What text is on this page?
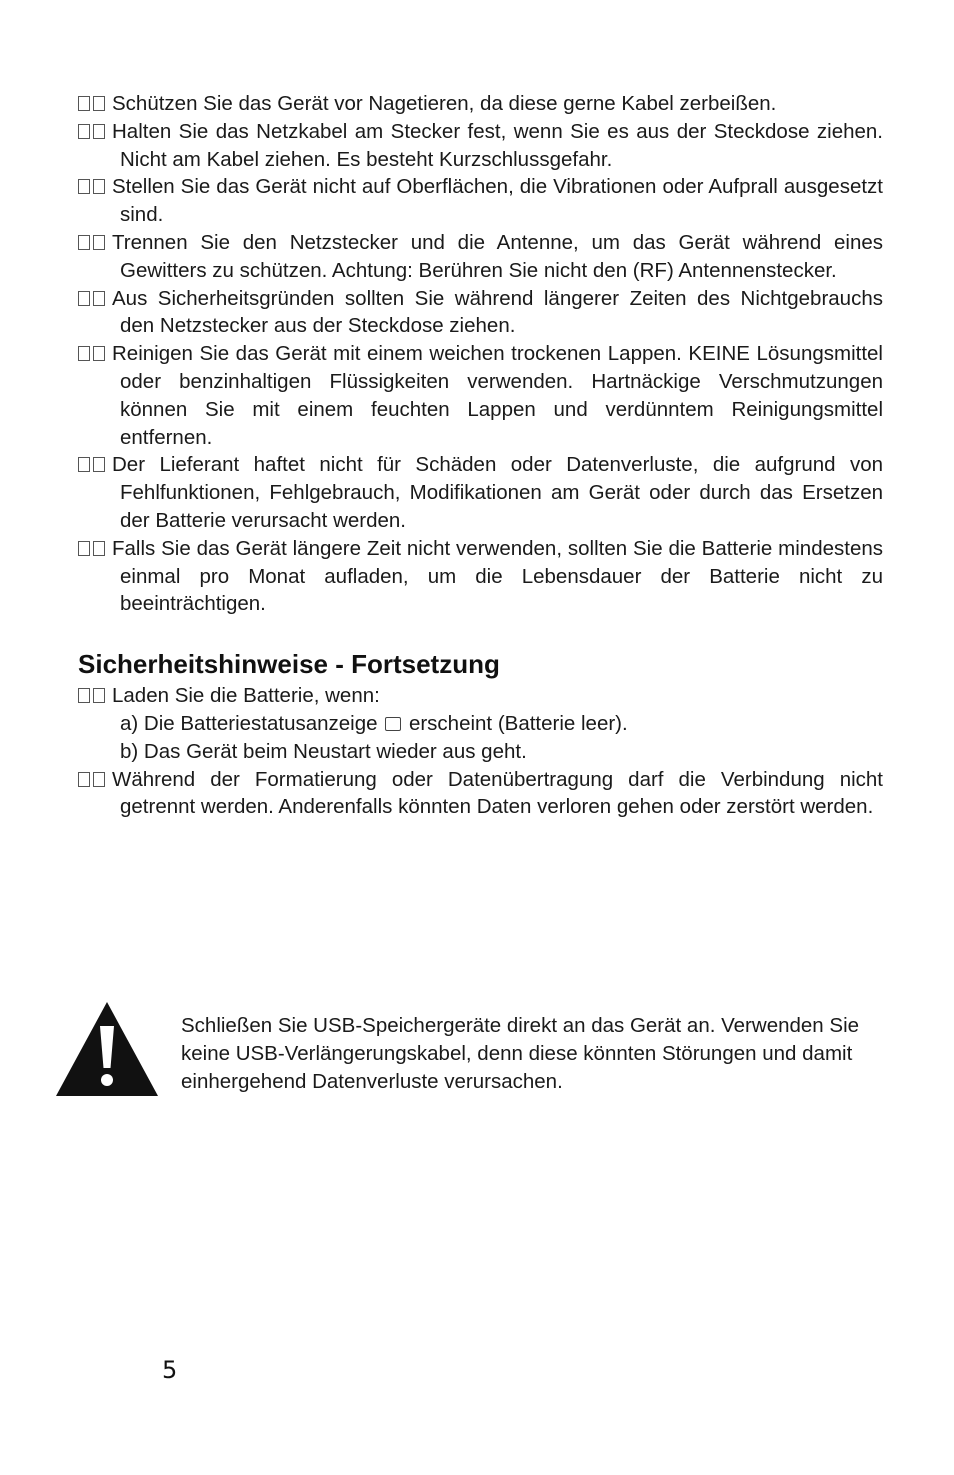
Schützen Sie das Gerät vor Nagetieren, da diese gerne Kabel zerbeißen.

Halten Sie das Netzkabel am Stecker fest, wenn Sie es aus der Steckdose ziehen. Nicht am Kabel ziehen. Es besteht Kurzschlussgefahr.

Stellen Sie das Gerät nicht auf Oberflächen, die Vibrationen oder Aufprall ausgesetzt sind.

Trennen Sie den Netzstecker und die Antenne, um das Gerät während eines Gewitters zu schützen. Achtung: Berühren Sie nicht den (RF) Antennenstecker.

Aus Sicherheitsgründen sollten Sie während längerer Zeiten des Nichtgebrauchs den Netzstecker aus der Steckdose ziehen.

Reinigen Sie das Gerät mit einem weichen trockenen Lappen. KEINE Lösungsmittel oder benzinhaltigen Flüssigkeiten verwenden. Hartnäckige Verschmutzungen können Sie mit einem feuchten Lappen und verdünntem Reinigungsmittel entfernen.

Der Lieferant haftet nicht für Schäden oder Datenverluste, die aufgrund von Fehlfunktionen, Fehlgebrauch, Modifikationen am Gerät oder durch das Ersetzen der Batterie verursacht werden.

Falls Sie das Gerät längere Zeit nicht verwenden, sollten Sie die Batterie mindestens einmal pro Monat aufladen, um die Lebensdauer der Batterie nicht zu beeinträchtigen.

Sicherheitshinweise - Fortsetzung

Laden Sie die Batterie, wenn:

a) Die Batteriestatusanzeige erscheint (Batterie leer).

b) Das Gerät beim Neustart wieder aus geht.

Während der Formatierung oder Datenübertragung darf die Verbindung nicht getrennt werden. Anderenfalls könnten Daten verloren gehen oder zerstört werden.

Schließen Sie USB-Speichergeräte direkt an das Gerät an. Verwenden Sie keine USB-Verlängerungskabel, denn diese könnten Störungen und damit einhergehend Datenverluste verursachen.

5
